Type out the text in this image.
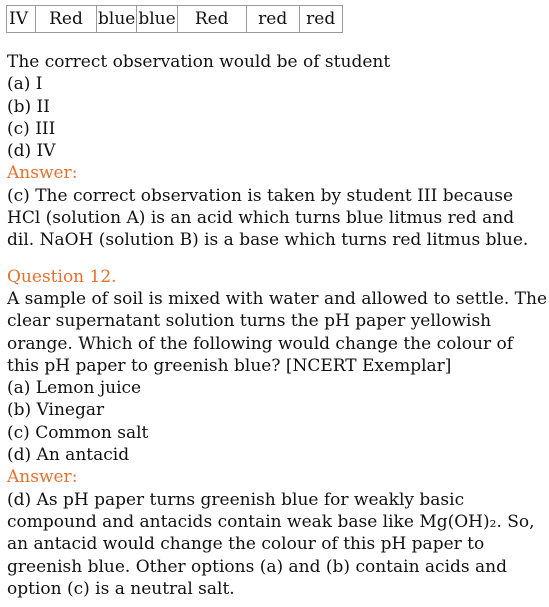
IV	Red	blue	blue	Red	red	red
The correct observation would be of student
(a) I
(b) II
(c) III
(d) IV
Answer:
(c) The correct observation is taken by student III because
HCl (solution A) is an acid which turns blue litmus red and
dil. NaOH (solution B) is a base which turns red litmus blue.
Question 12.
A sample of soil is mixed with water and allowed to settle. The
clear supernatant solution turns the pH paper yellowish
orange. Which of the following would change the colour of
this pH paper to greenish blue? [NCERT Exemplar]
(a) Lemon juice
(b) Vinegar
(c) Common salt
(d) An antacid
Answer:
(d) As pH paper turns greenish blue for weakly basic
compound and antacids contain weak base like Mg(OH)₂. So,
an antacid would change the colour of this pH paper to
greenish blue. Other options (a) and (b) contain acids and
option (c) is a neutral salt.
